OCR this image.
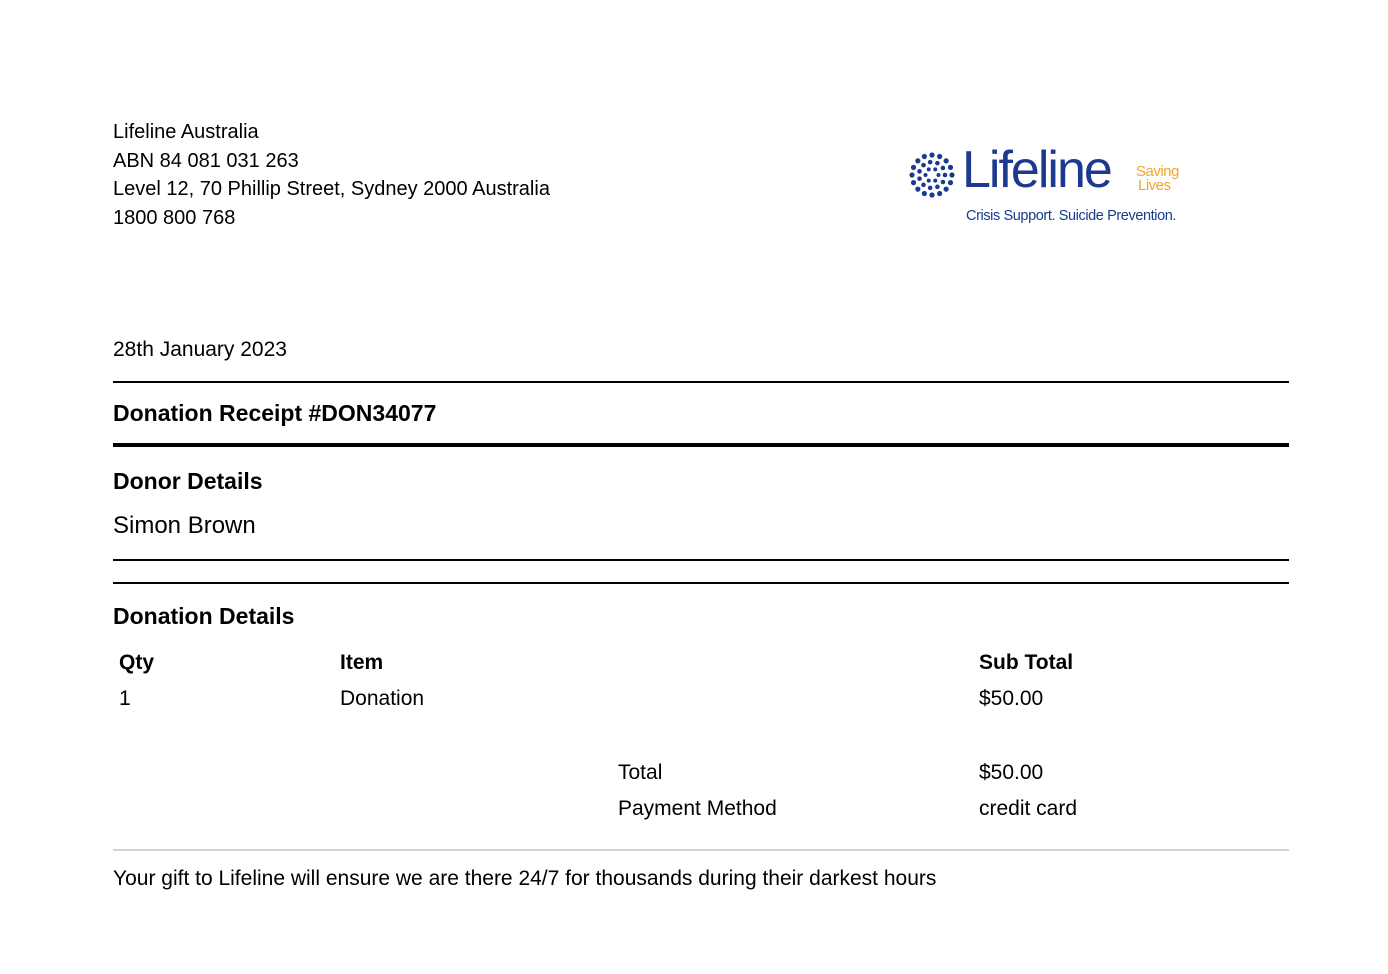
Lifeline Australia
ABN 84 081 031 263
Level 12, 70 Phillip Street, Sydney 2000 Australia
1800 800 768
Lifeline Saving
Lives
Crisis Support. Suicide Prevention.
28th January 2023
Donation Receipt #DON34077
Donor Details
Simon Brown
Donation Details
Qty	Item	Sub Total
1	Donation	$50.00
Total	$50.00
Payment Method	credit card
Your gift to Lifeline will ensure we are there 24/7 for thousands during their darkest hours
